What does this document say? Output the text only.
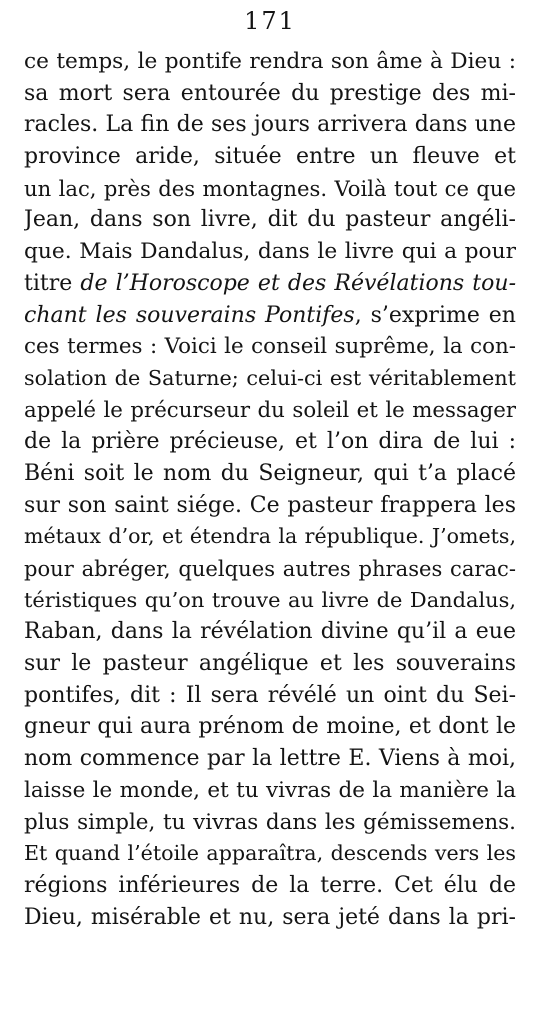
171
ce temps, le pontife rendra son âme à Dieu :
sa mort sera entourée du prestige des mi-
racles. La fin de ses jours arrivera dans une
province aride, située entre un fleuve et
un lac, près des montagnes. Voilà tout ce que
Jean, dans son livre, dit du pasteur angéli-
que. Mais Dandalus, dans le livre qui a pour
titre de l’Horoscope et des Révélations tou-
chant les souverains Pontifes, s’exprime en
ces termes : Voici le conseil suprême, la con-
solation de Saturne; celui-ci est véritablement
appelé le précurseur du soleil et le messager
de la prière précieuse, et l’on dira de lui :
Béni soit le nom du Seigneur, qui t’a placé
sur son saint siége. Ce pasteur frappera les
métaux d’or, et étendra la république. J’omets,
pour abréger, quelques autres phrases carac-
téristiques qu’on trouve au livre de Dandalus,
Raban, dans la révélation divine qu’il a eue
sur le pasteur angélique et les souverains
pontifes, dit : Il sera révélé un oint du Sei-
gneur qui aura prénom de moine, et dont le
nom commence par la lettre E. Viens à moi,
laisse le monde, et tu vivras de la manière la
plus simple, tu vivras dans les gémissemens.
Et quand l’étoile apparaîtra, descends vers les
régions inférieures de la terre. Cet élu de
Dieu, misérable et nu, sera jeté dans la pri-
